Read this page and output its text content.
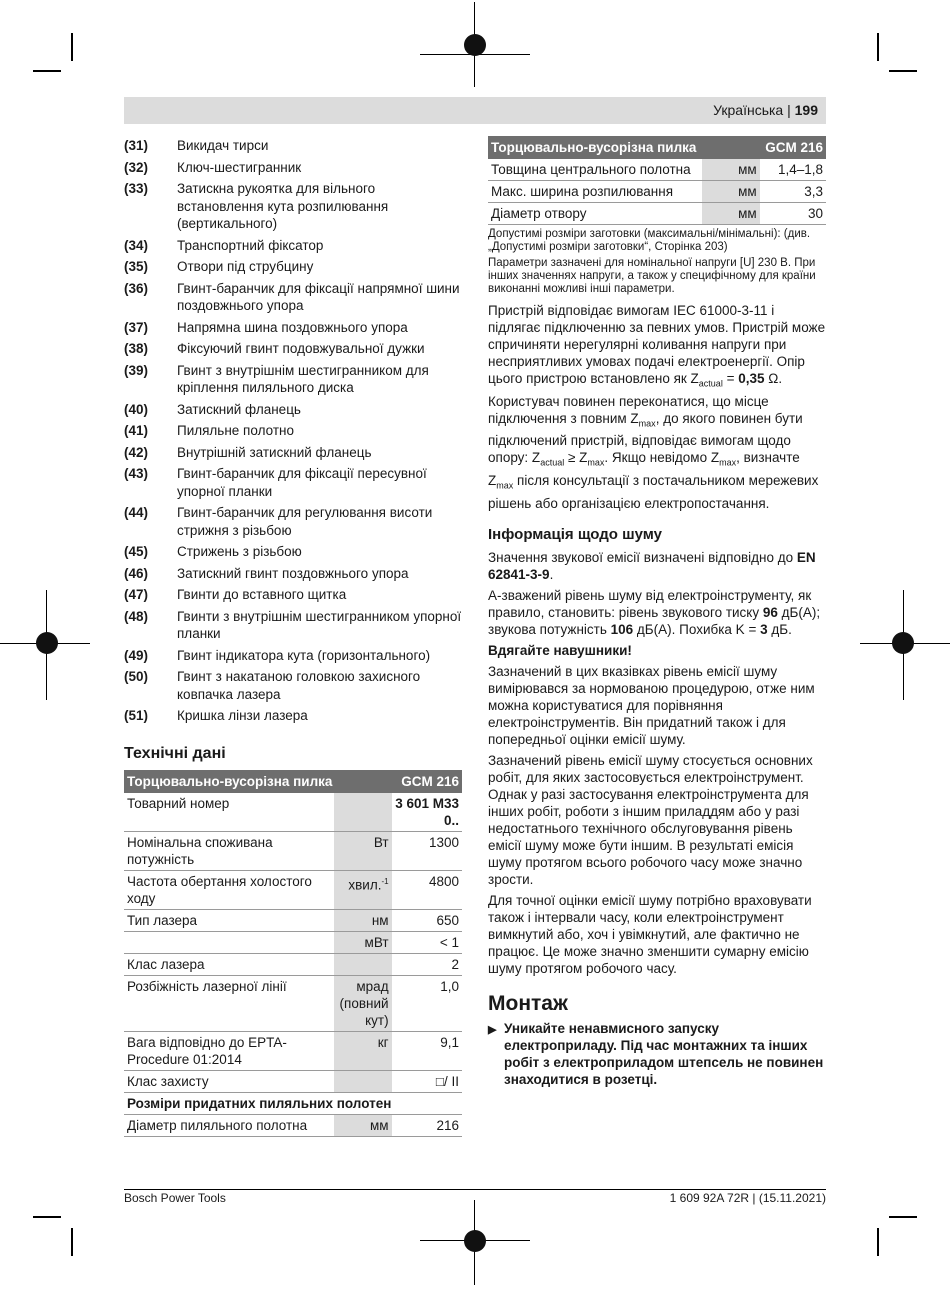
Українська | 199
(31)	Викидач тирси
(32)	Ключ-шестигранник
(33)	Затискна рукоятка для вільного встановлення кута розпилювання (вертикального)
(34)	Транспортний фіксатор
(35)	Отвори під струбцину
(36)	Гвинт-баранчик для фіксації напрямної шини поздовжнього упора
(37)	Напрямна шина поздовжнього упора
(38)	Фіксуючий гвинт подовжувальної дужки
(39)	Гвинт з внутрішнім шестигранником для кріплення пиляльного диска
(40)	Затискний фланець
(41)	Пиляльне полотно
(42)	Внутрішній затискний фланець
(43)	Гвинт-баранчик для фіксації пересувної упорної планки
(44)	Гвинт-баранчик для регулювання висоти стрижня з різьбою
(45)	Стрижень з різьбою
(46)	Затискний гвинт поздовжнього упора
(47)	Гвинти до вставного щитка
(48)	Гвинти з внутрішнім шестигранником упорної планки
(49)	Гвинт індикатора кута (горизонтального)
(50)	Гвинт з накатаною головкою захисного ковпачка лазера
(51)	Кришка лінзи лазера
Технічні дані
Торцювально-вусорізна пилка		GCM 216
Товарний номер		3 601 M33 0..
Номінальна споживана потужність	Вт	1300
Частота обертання холостого ходу	хвил.$^{-1}$	4800
Тип лазера	нм	650
	мВт	< 1
Клас лазера		2
Розбіжність лазерної лінії	мрад (повний кут)	1,0
Вага відповідно до EPTA-Procedure 01:2014	кг	9,1
Клас захисту		□/ II
Розміри придатних пиляльних полотен		
Діаметр пиляльного полотна	мм	216
Торцювально-вусорізна пилка		GCM 216
Товщина центрального полотна	мм	1,4–1,8
Макс. ширина розпилювання	мм	3,3
Діаметр отвору	мм	30

Допустимі розміри заготовки (максимальні/мінімальні): (див. „Допустимі розміри заготовки“, Сторінка 203)

Параметри зазначені для номінальної напруги [U] 230 В. При інших значеннях напруги, а також у специфічному для країни виконанні можливі інші параметри.

Пристрій відповідає вимогам IEC 61000-3-11 і підлягає підключенню за певних умов. Пристрій може спричиняти нерегулярні коливання напруги при несприятливих умовах подачі електроенергії. Опір цього пристрою встановлено як $Z_{actual} = 0,35$ Ω. Користувач повинен переконатися, що місце підключення з повним $Z_{max}$, до якого повинен бути підключений пристрій, відповідає вимогам щодо опору: $Z_{actual} \ge Z_{max}$. Якщо невідомо $Z_{max}$, визначте $Z_{max}$ після консультації з постачальником мережевих рішень або організацією електропостачання.

Інформація щодо шуму

Значення звукової емісії визначені відповідно до EN 62841-3-9.

A-зважений рівень шуму від електроінструменту, як правило, становить: рівень звукового тиску 96 дБ(A); звукова потужність 106 дБ(A). Похибка K = 3 дБ.

Вдягайте навушники!

Зазначений в цих вказівках рівень емісії шуму вимірювався за нормованою процедурою, отже ним можна користуватися для порівняння електроінструментів. Він придатний також і для попередньої оцінки емісії шуму.

Зазначений рівень емісії шуму стосується основних робіт, для яких застосовується електроінструмент. Однак у разі застосування електроінструмента для інших робіт, роботи з іншим приладдям або у разі недостатнього технічного обслуговування рівень емісії шуму може бути іншим. В результаті емісія шуму протягом всього робочого часу може значно зрости.

Для точної оцінки емісії шуму потрібно враховувати також і інтервали часу, коли електроінструмент вимкнутий або, хоч і увімкнутий, але фактично не працює. Це може значно зменшити сумарну емісію шуму протягом робочого часу.

Монтаж
▶ Уникайте ненавмисного запуску електроприладу. Під час монтажних та інших робіт з електроприладом штепсель не повинен знаходитися в розетці.
Bosch Power Tools	1 609 92A 72R | (15.11.2021)
